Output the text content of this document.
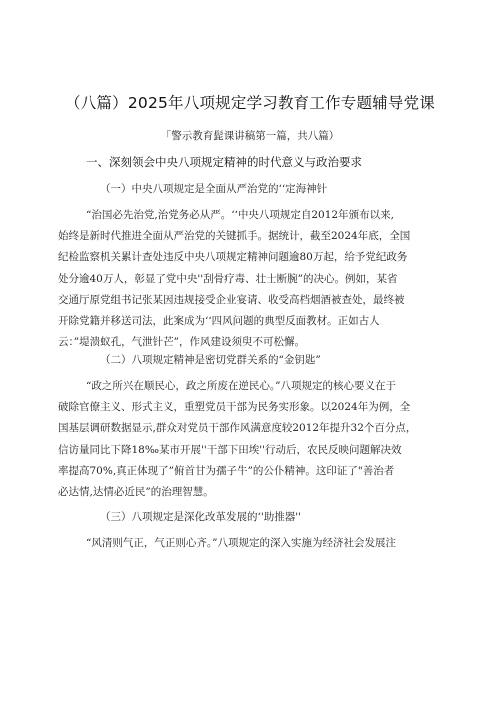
（八篇）2025年八项规定学习教育工作专题辅导党课
「警示教育髭课讲稿第一篇，共八篇）
一、深刻领会中央八项规定精神的时代意义与政治要求
（一）中央八项规定是全面从严治党的‘‘定海神针
“治国必先治党,治党务必从严。‘‘中央八项规定自2012年颁布以来,
始终是新时代推进全面从严治党的关键抓手。据统计，截至2024年底，全国
纪检监察机关累计查处违反中央八项规定精神问题逾80万起，给予党纪政务
处分逾40万人，彰显了党中央''刮骨疗毒、壮士断腕”的决心。例如，某省
交通厅原党组书记张某因违规接受企业宴请、收受高档烟酒被查处，最终被
开除党籍并移送司法，此案成为‘‘四风问题的典型反面教材。正如古人
云：”堤溃蚁孔，气泄针芒”，作风建设须臾不可松懈。
（二）八项规定精神是密切党群关系的“金钥匙”
“政之所兴在顺民心，政之所废在逆民心。”八项规定的核心要义在于
破除官僚主义、形式主义，重塑党员干部为民务实形象。以2024年为例，全
国基层调研数据显示,群众对党员干部作风满意度较2012年提升32个百分点，
信访量同比下降18‰某市开展''干部下田埃''行动后，农民反映问题解决效
率提高70%,真正体现了”俯首甘为孺子牛”的公仆精神。这印证了"善治者
必达情,达情必近民”的治理智慧。
（三）八项规定是深化改革发展的‘'助推器''
“风清则气正，气正则心齐。”八项规定的深入实施为经济社会发展注
